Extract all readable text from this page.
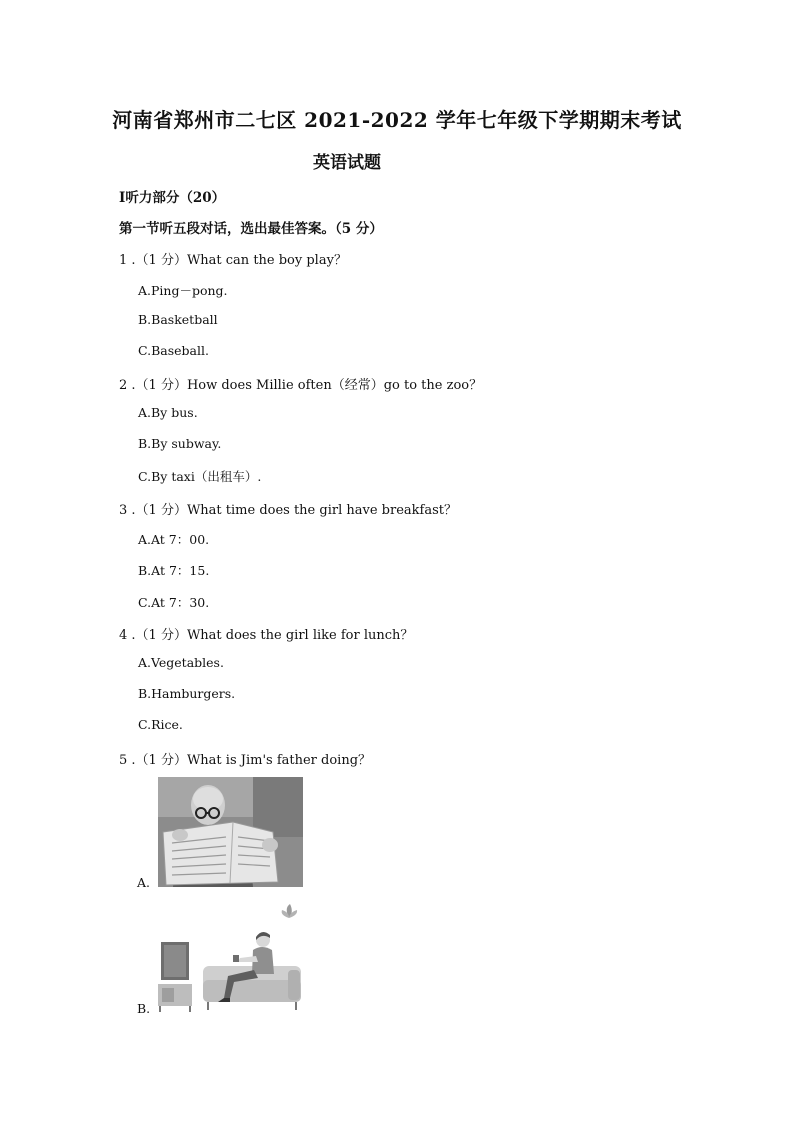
河南省郑州市二七区 2021-2022 学年七年级下学期期末考试
英语试题
Ⅰ听力部分（20）
第一节听五段对话，选出最佳答案。（5 分）
1 .（1 分）What can the boy play？
A.Ping－pong.
B.Basketball
C.Baseball.
2 .（1 分）How does Millie often（经常）go to the zoo？
A.By bus.
B.By subway.
C.By taxi（出租车）.
3 .（1 分）What time does the girl have breakfast？
A.At 7：00.
B.At 7：15.
C.At 7：30.
4 .（1 分）What does the girl like for lunch？
A.Vegetables.
B.Hamburgers.
C.Rice.
5 .（1 分）What is Jim's father doing？
A.
B.
